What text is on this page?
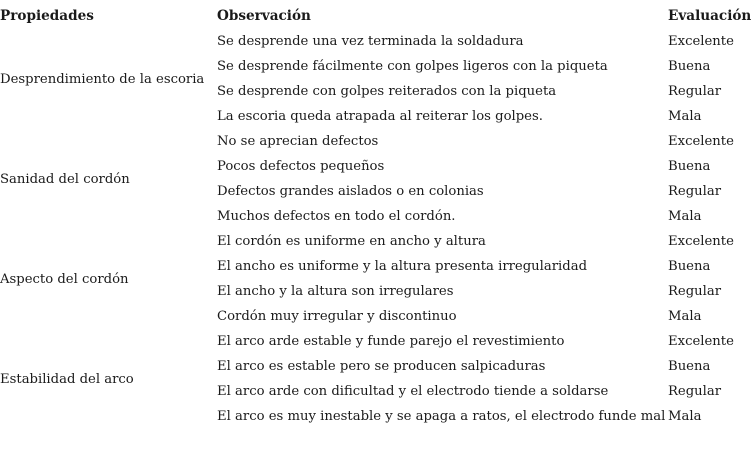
Propiedades	Observación	Evaluación
Desprendimiento de la escoria	Se desprende una vez terminada la soldadura	Excelente
	Se desprende fácilmente con golpes ligeros con la piqueta	Buena
	Se desprende con golpes reiterados con la piqueta	Regular
	La escoria queda atrapada al reiterar los golpes.	Mala
Sanidad del cordón	No se aprecian defectos	Excelente
	Pocos defectos pequeños	Buena
	Defectos grandes aislados o en colonias	Regular
	Muchos defectos en todo el cordón.	Mala
Aspecto del cordón	El cordón es uniforme en ancho y altura	Excelente
	El ancho es uniforme y la altura presenta irregularidad	Buena
	El ancho y la altura son irregulares	Regular
	Cordón muy irregular y discontinuo	Mala
Estabilidad del arco	El arco arde estable y funde parejo el revestimiento	Excelente
	El arco es estable pero se producen salpicaduras	Buena
	El arco arde con dificultad y el electrodo tiende a soldarse	Regular
	El arco es muy inestable y se apaga a ratos, el electrodo funde mal	Mala
